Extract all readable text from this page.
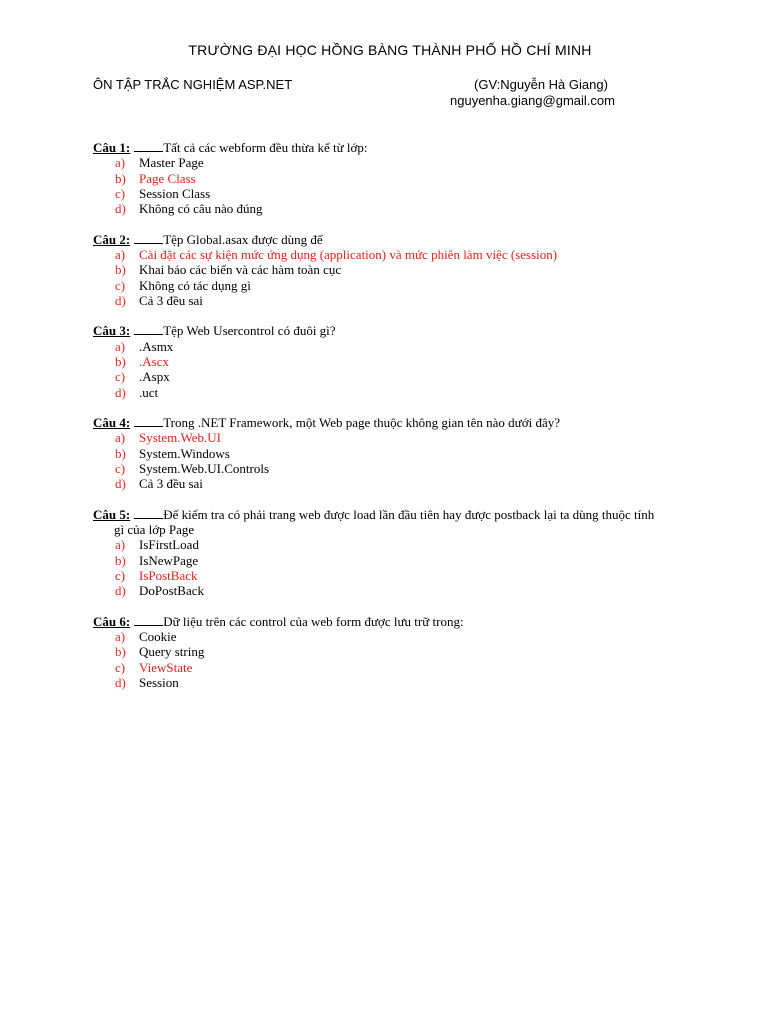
TRƯỜNG ĐẠI HỌC HỒNG BÀNG THÀNH PHỐ HỒ CHÍ MINH
ÔN TẬP TRẮC NGHIỆM ASP.NET	(GV:Nguyễn Hà Giang)
nguyenha.giang@gmail.com
Câu 1:	Tất cả các webform đều thừa kế từ lớp:
a) Master Page
b) Page Class
c) Session Class
d) Không có câu nào đúng
Câu 2:	Tệp Global.asax được dùng để
a) Cài đặt các sự kiện mức ứng dụng (application) và mức phiên làm việc (session)
b) Khai báo các biến và các hàm toàn cục
c) Không có tác dụng gì
d) Cả 3 đều sai
Câu 3:	Tệp Web Usercontrol có đuôi gì?
a) .Asmx
b) .Ascx
c) .Aspx
d) .uct
Câu 4:	Trong .NET Framework, một Web page thuộc không gian tên nào dưới đây?
a) System.Web.UI
b) System.Windows
c) System.Web.UI.Controls
d) Cả 3 đều sai
Câu 5:	Để kiểm tra có phải trang web được load lần đầu tiên hay được postback lại ta dùng thuộc tính
gì của lớp Page
a) IsFirstLoad
b) IsNewPage
c) IsPostBack
d) DoPostBack
Câu 6:	Dữ liệu trên các control của web form được lưu trữ trong:
a) Cookie
b) Query string
c) ViewState
d) Session
